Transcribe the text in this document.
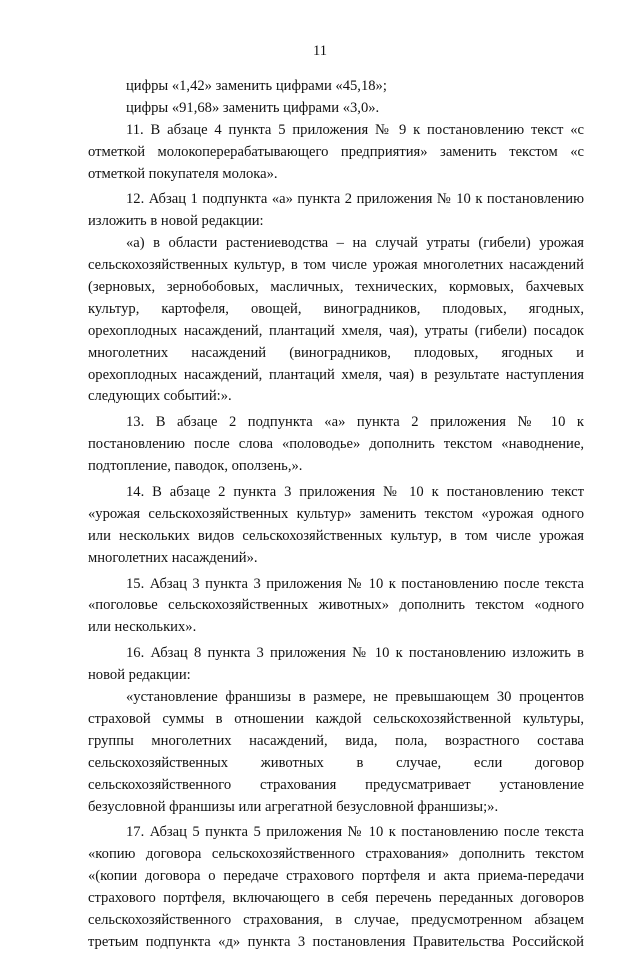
11
цифры «1,42» заменить цифрами «45,18»;
цифры «91,68» заменить цифрами «3,0».
11. В абзаце 4 пункта 5 приложения № 9 к постановлению текст «с
отметкой молокоперерабатывающего предприятия» заменить текстом «с
отметкой покупателя молока».
12. Абзац 1 подпункта «а» пункта 2 приложения № 10 к постановлению
изложить в новой редакции:
«а) в области растениеводства – на случай утраты (гибели) урожая
сельскохозяйственных культур, в том числе урожая многолетних насаждений
(зерновых, зернобобовых, масличных, технических, кормовых, бахчевых
культур, картофеля, овощей, виноградников, плодовых, ягодных,
орехоплодных насаждений, плантаций хмеля, чая), утраты (гибели) посадок
многолетних насаждений (виноградников, плодовых, ягодных и
орехоплодных насаждений, плантаций хмеля, чая) в результате наступления
следующих событий:».
13. В абзаце 2 подпункта «а» пункта 2 приложения № 10 к
постановлению после слова «половодье» дополнить текстом «наводнение,
подтопление, паводок, оползень,».
14. В абзаце 2 пункта 3 приложения № 10 к постановлению текст
«урожая сельскохозяйственных культур» заменить текстом «урожая одного
или нескольких видов сельскохозяйственных культур, в том числе урожая
многолетних насаждений».
15. Абзац 3 пункта 3 приложения № 10 к постановлению после текста
«поголовье сельскохозяйственных животных» дополнить текстом «одного
или нескольких».
16. Абзац 8 пункта 3 приложения № 10 к постановлению изложить в
новой редакции:
«установление франшизы в размере, не превышающем 30 процентов
страховой суммы в отношении каждой сельскохозяйственной культуры,
группы многолетних насаждений, вида, пола, возрастного состава
сельскохозяйственных животных в случае, если договор
сельскохозяйственного страхования предусматривает установление
безусловной франшизы или агрегатной безусловной франшизы;».
17. Абзац 5 пункта 5 приложения № 10 к постановлению после текста
«копию договора сельскохозяйственного страхования» дополнить текстом
«(копии договора о передаче страхового портфеля и акта приема-передачи
страхового портфеля, включающего в себя перечень переданных договоров
сельскохозяйственного страхования, в случае, предусмотренном абзацем
третьим подпункта «д» пункта 3 постановления Правительства Российской
